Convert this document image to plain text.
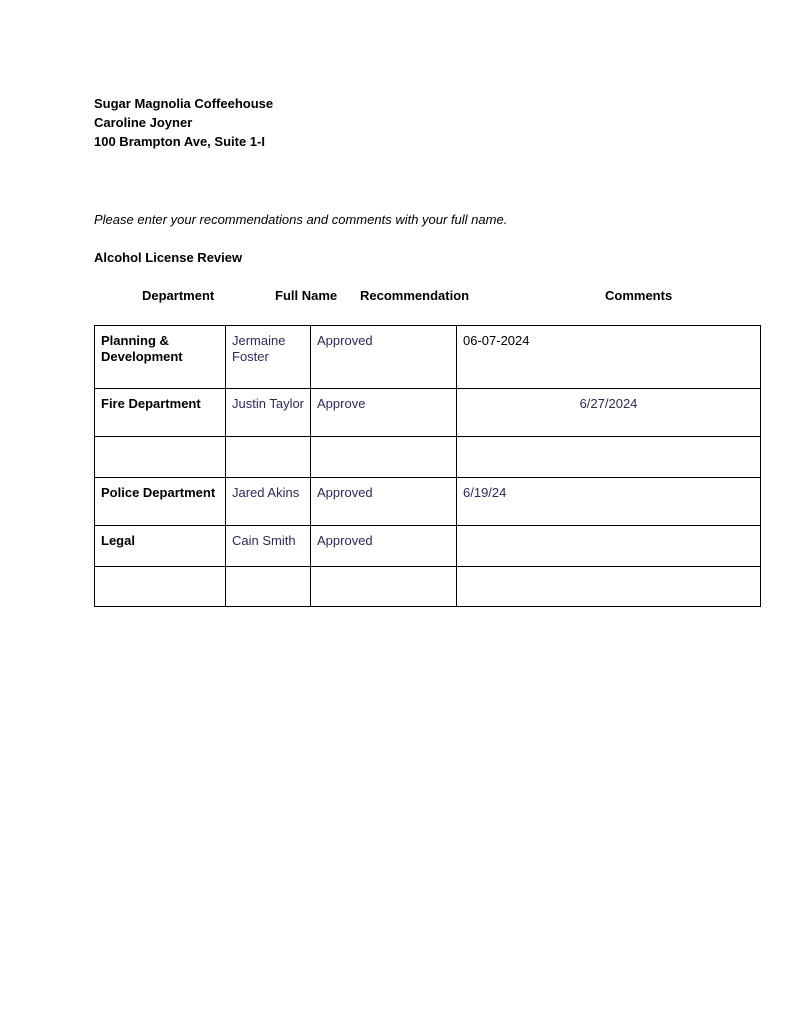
Sugar Magnolia Coffeehouse
Caroline Joyner
100 Brampton Ave, Suite 1-I
Please enter your recommendations and comments with your full name.
Alcohol License Review
Department	Full Name Recommendation	Comments
Planning & Development	Jermaine Foster	Approved	06-07-2024
Fire Department	Justin Taylor	Approve	6/27/2024

Police Department	Jared Akins	Approved	6/19/24
Legal	Cain Smith	Approved	
